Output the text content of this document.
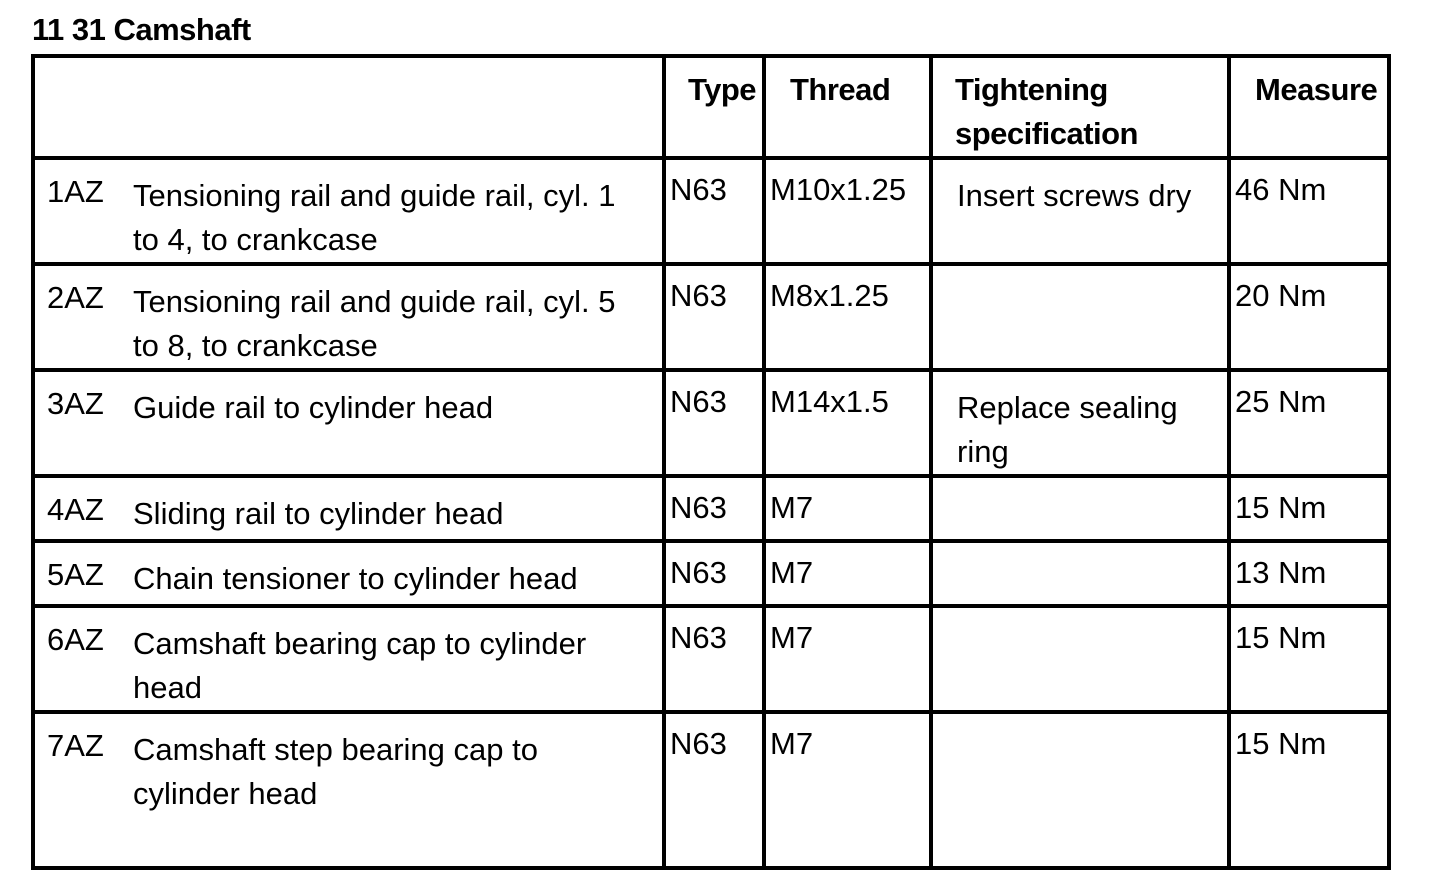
11 31 Camshaft
	Type	Thread	Tightening specification	Measure

1AZ Tensioning rail and guide rail, cyl. 1 to 4, to crankcase	N63	M10x1.25	Insert screws dry	46 Nm

2AZ Tensioning rail and guide rail, cyl. 5 to 8, to crankcase	N63	M8x1.25		20 Nm

3AZ Guide rail to cylinder head	N63	M14x1.5	Replace sealing ring	25 Nm

4AZ Sliding rail to cylinder head	N63	M7		15 Nm

5AZ Chain tensioner to cylinder head	N63	M7		13 Nm

6AZ Camshaft bearing cap to cylinder head	N63	M7		15 Nm

7AZ Camshaft step bearing cap to cylinder head	N63	M7		15 Nm
